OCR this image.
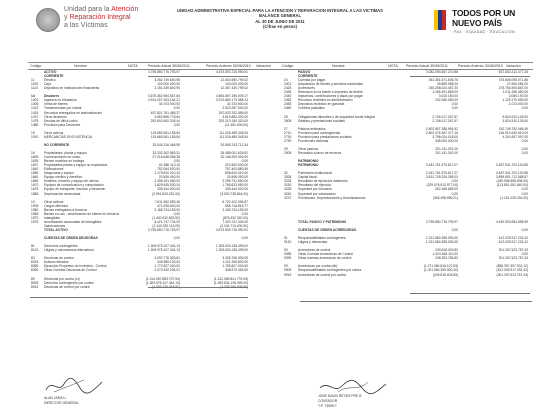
Unidad para la Atención
y Reparación Integral
a las Víctimas
UNIDAD ADMINISTRATIVA ESPECIAL PARA LA ATENCION Y REPARACION INTEGRAL A LAS VICTIMAS
BALANCE GENERAL
AL 30 DE JUNIO DE 2011
(Cifras en pesos)
TODOS POR UN
NUEVO PAÍS
PAZ · EQUIDAD · EDUCACIÓN
Código	Nombre	NOTA	Periodo Actual 30/06/2011	Periodo Anterior 30/06/2010 Variación	Código	Nombre	NOTA Periodo Actual 30/06/2011	Periodo Anterior 30/06/2010 Variación
ACTIVO	3.795.850.776.793,97	4.673.593.715.990,91
CORRIENTE
11	Efectivo	3.264.749.840,95	12.603.950.799,02
1105 Caja	100.000.000,00	100.000.000,00
1110 Depósitos en instituciones financieras	3.151.349.840,95	12.357.430.799,02
14	Deudores	3.675.362.964.567,84	4.564.657.196.009,17
1401 Ingresos no tributarios	4.914.007.303.164,21	3.974.860.173.358,13
1406 Venta de bienes	34.703.900,00	34.703.900,00
1413 Transferencias por cobrar	0,00	2.523.257.940,00
1424 Recursos entregados en administración	457.821.781.485,37	267.633.762.889,00
1470 Otros deudores	3.863.656.776,64	3.815.883.330,00
1475 Deudas de difícil cobro	292.602.652.305,44	292.210.180.320,00
1480 Provisión para Deudores	0,00	(11.451.000,00)
19	Otros activos	119.660.061.155,54	111.026.489.345,94
1910 MERCANCÍAS EN EXISTENCIA	119.660.061.155,54	111.026.489.345,94
NO CORRIENTE	33.544.316.466,55	20.508.743.712,34
16	Propiedades, planta y equipo	33.332.302.883,31	26.488.001.626,62
1605 Construcciones en curso	27.216.638.556,38	20.148.200.000,00
1635 Bienes muebles en bodega	0,00	0,00
1637 Propiedades planta y equipo no explotados	61.580.113,10	210.500.000,00
1640 Edificaciones	752.064.920,00	757.403.880,50
1655 Maquinaria y equipo	1.179.810.310,43	836.810.310,00
1660 Equipo médico y científico	20.506.050,00	20.506.050,00
1665 Muebles, enseres y equipo de oficina	2.308.151.560,00	2.299.731.550,00
1670 Equipos de comunicación y computación	1.829.535.530,24	1.768.623.550,00
1675 Equipo de transporte, tracción y elevación	335.444.000,00	335.444.000,00
1685 Depreciación acumulada	(2.951.833.252,00)	(3.000.738.864,00)
19	Otros activos	7.611.952.583,45	6.720.102.094,87
1905 Cargos diferidos	471.535.600,00	658.716.815,77
1960 Bienes entregados a terceros	2.168.724.183,00	2.165.724.183,00
1965 Bienes en uso - amortización de bienes en terceros	0,00	0,00
1970 Intangibles	(1.400.032.653,52)	(875.432.320,00)
1975 Amortización acumulada de intangibles	8.421.747.734,00	7.420.747.334,00
Valorizaciones	(2.140.332.113,09)	(3.104.713.400,00)
TOTAL ACTIVO	3.795.850.776.793,97	4.673.593.715.990,91
CUENTAS DE ORDEN DEUDORAS	0,00	0,00
81	Derechos contingentes	1.309.975.107.344,13	1.309.634.135.499,00
8120 Litigios y mecanismos alternativos	1.309.975.107.344,13	1.309.634.135.499,00
83	Deudoras de control	4.092.776.363,81	3.335.706.309,05
8315 Activos retirados	349.985.120,00	1.221.305.800,00
8355 Ejecución Proyectos de Inversión - Control	1.772.827.000,00	1.765.827.000,00
8390 Otras Cuentas Deudoras de Control	2.070.932.294,01	348.573.454,00
89	Deudoras por contra (cr)	(1.314.067.883.707,94)	(1.312.969.841.778,05)
8905 Derechos contingentes por contra	(1.309.975.107.344,13)	(1.309.634.135.499,00)
8915 Deudoras de control por contra	(4.092.776.363,81)	(3.335.706.309,05)
PASIVO	3.082.094.557.270,88	537.652.213.377,28
CORRIENTE
24	Cuentas por pagar	351.351.571.635,75	376.805.095.071,86
2401 Adquisición de bienes y servicios nacionales	49.689.086,00	27.660.084,00
2425 Acreedores	246.258.023.457,20	275.754.905.867,00
2436 Retención en la fuente e impuesto de timbre	1.266.491.869,00	1.011.286.450,00
2440 Impuestos, contribuciones y tasas por pagar	3.610.180,00	3.065.190,00
2453 Recursos recibidos en administración	102.065.080,00	1.129.170.553,00
2455 Depósitos recibidos en garantía	0,00	1.013.000,00
2460 Créditos judiciales	0,00	0,00
25	Obligaciones laborales y de seguridad social integral	2.706.017.267,67	3.624.910.126,00
2505 Salarios y prestaciones sociales	2.706.017.267,67	3.624.910.126,00
27	Pasivos estimados	2.802.857.288.954,92	152.749.752.066,49
2710 Provisión para contingencias	2.802.376.267.377,16	146.914.630.610,00
2715 Provisión para prestaciones sociales	3.796.024.018,00	4.201.697.097,00
2790 Provisiones diversas	345.000.000,00	0,00
29	Otros pasivos	201.411.301,00	0,00
2905 Recaudos a favor de terceros	201.411.301,00	0,00
PATRIMONIO
PATRIMONIO	3.181.761.973.817,07	3.487.941.702.100,65
32	Patrimonio institucional	3.181.761.973.817,07	3.487.941.702.100,65
3208 Capital fiscal	3.512.709.334.358,03	3.899.891.712.588,57
3225 Resultado de ejercicios anteriores	0,00	(189.508.958.908,00)
3230 Resultado del ejercicio	(329.076.513.977,00)	(113.851.051.640,00)
3235 Superávit por donación	262.169.689,00	0,00
3240 Superávit por valorización	0,00	0,00
3270 Provisiones, Depreciaciones y Amortizaciones	(363.498.996,21)	(1.151.229.434,00)
TOTAL PASIVO Y PATRIMONIO	3.795.850.776.793,97	4.490.933.654.698,99
CUENTAS DE ORDEN ACREEDORAS	0,00	0,00
91	Responsabilidades contingentes	1.021.560.359.000,00	512.025.917.232,42
9120 Litigios y demandas	1.021.560.359.000,00	512.025.917.232,42
93	Acreedoras de control	249.818.403,83	301.267.523.757,43
9355 Otras Cuentas Acreedoras de Control	1.424.618.110,00	0,00
9390 Otras cuentas acreedoras de control	248.393.785,83	301.267.523.757,43
99	Acreedoras por contra (db)	(1.271.984.816.107,83)	(858.397.397.001,12)
9905 Responsabilidades contingentes por contra	(1.021.560.359.000,00)	(512.025.917.232,42)
9915 Acreedoras de control por contra	(249.818.403,83)	(301.267.523.757,43)
ALAN JARA U
DIRECTOR GENERAL
JOSE DAVID REYES PRE B
CONTADOR
T.P. 73599-T
